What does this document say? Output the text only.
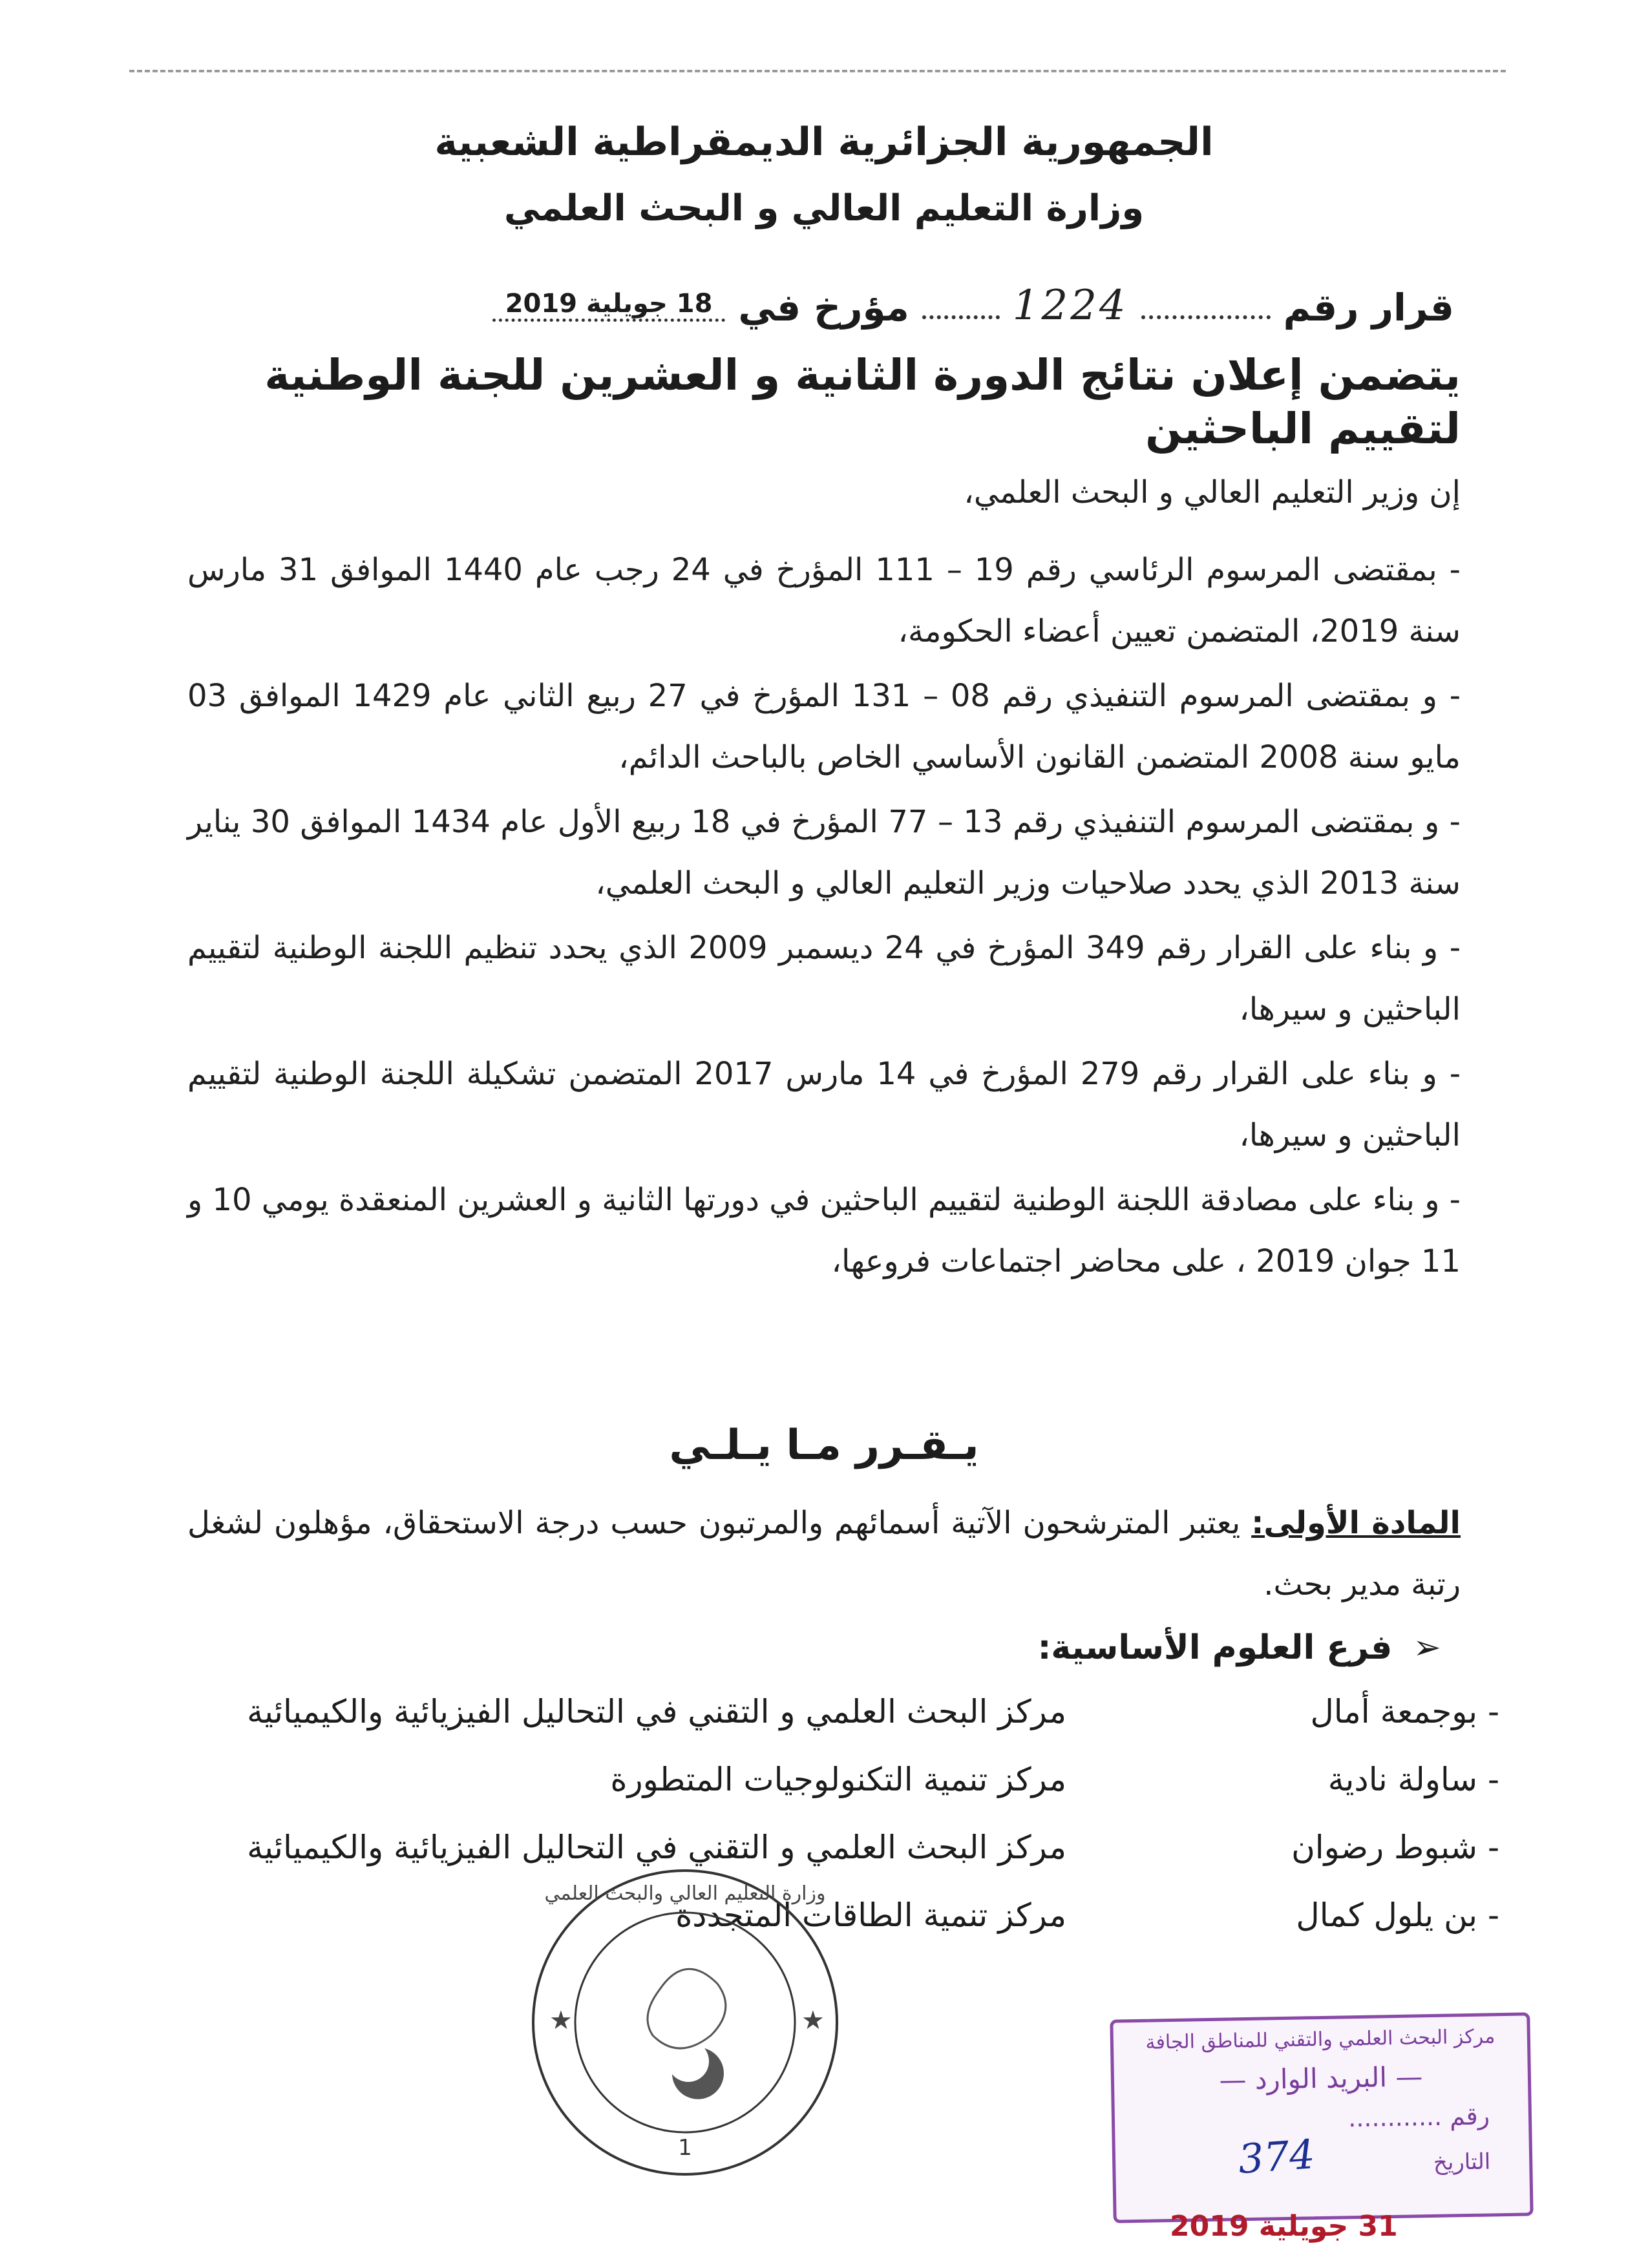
الجمهورية الجزائرية الديمقراطية الشعبية
وزارة التعليم العالي و البحث العلمي
قرار رقم
1224
مؤرخ في
18 جويلية 2019
يتضمن إعلان نتائج الدورة الثانية و العشرين للجنة الوطنية لتقييم الباحثين
إن وزير التعليم العالي و البحث العلمي،
- بمقتضى المرسوم الرئاسي رقم 19 – 111 المؤرخ في 24 رجب عام 1440 الموافق 31 مارس سنة 2019، المتضمن تعيين أعضاء الحكومة،
- و بمقتضى المرسوم التنفيذي رقم 08 – 131 المؤرخ في 27 ربيع الثاني عام 1429 الموافق 03 مايو سنة 2008 المتضمن القانون الأساسي الخاص بالباحث الدائم،
- و بمقتضى المرسوم التنفيذي رقم 13 – 77 المؤرخ في 18 ربيع الأول عام 1434 الموافق 30 يناير سنة 2013 الذي يحدد صلاحيات وزير التعليم العالي و البحث العلمي،
- و بناء على القرار رقم 349 المؤرخ في 24 ديسمبر 2009 الذي يحدد تنظيم اللجنة الوطنية لتقييم الباحثين و سيرها،
- و بناء على القرار رقم 279 المؤرخ في 14 مارس 2017 المتضمن تشكيلة اللجنة الوطنية لتقييم الباحثين و سيرها،
- و بناء على مصادقة اللجنة الوطنية لتقييم الباحثين في دورتها الثانية و العشرين المنعقدة يومي 10 و 11 جوان 2019 ، على محاضر اجتماعات فروعها،
يـقـرر مـا يـلـي
المادة الأولى: يعتبر المترشحون الآتية أسمائهم والمرتبون حسب درجة الاستحقاق، مؤهلون لشغل رتبة مدير بحث.
➢ فرع العلوم الأساسية:
- بوجمعة أمال
مركز البحث العلمي و التقني في التحاليل الفيزيائية والكيميائية
- ساولة نادية
مركز تنمية التكنولوجيات المتطورة
- شبوط رضوان
مركز البحث العلمي و التقني في التحاليل الفيزيائية والكيميائية
- بن يلول كمال
مركز تنمية الطاقات المتجددة
★	★
وزارة التعليم العالي والبحث العلمي
1
مركز البحث العلمي والتقني للمناطق الجافة
— البريد الوارد —
رقم ............
374	التاريخ
31 جويلية 2019
